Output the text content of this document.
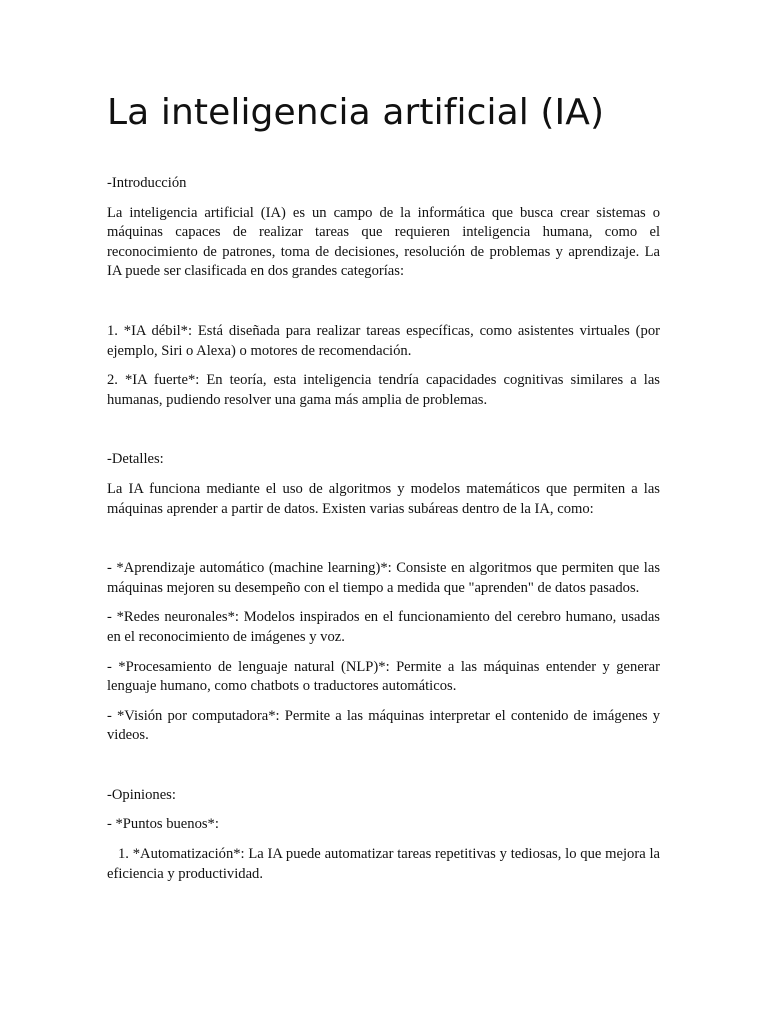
La inteligencia artificial (IA)
-Introducción
La inteligencia artificial (IA) es un campo de la informática que busca crear sistemas o máquinas capaces de realizar tareas que requieren inteligencia humana, como el reconocimiento de patrones, toma de decisiones, resolución de problemas y aprendizaje. La IA puede ser clasificada en dos grandes categorías:
1. *IA débil*: Está diseñada para realizar tareas específicas, como asistentes virtuales (por ejemplo, Siri o Alexa) o motores de recomendación.
2. *IA fuerte*: En teoría, esta inteligencia tendría capacidades cognitivas similares a las humanas, pudiendo resolver una gama más amplia de problemas.
-Detalles:
La IA funciona mediante el uso de algoritmos y modelos matemáticos que permiten a las máquinas aprender a partir de datos. Existen varias subáreas dentro de la IA, como:
- *Aprendizaje automático (machine learning)*: Consiste en algoritmos que permiten que las máquinas mejoren su desempeño con el tiempo a medida que "aprenden" de datos pasados.
- *Redes neuronales*: Modelos inspirados en el funcionamiento del cerebro humano, usadas en el reconocimiento de imágenes y voz.
- *Procesamiento de lenguaje natural (NLP)*: Permite a las máquinas entender y generar lenguaje humano, como chatbots o traductores automáticos.
- *Visión por computadora*: Permite a las máquinas interpretar el contenido de imágenes y videos.
-Opiniones:
- *Puntos buenos*:
1. *Automatización*: La IA puede automatizar tareas repetitivas y tediosas, lo que mejora la eficiencia y productividad.
